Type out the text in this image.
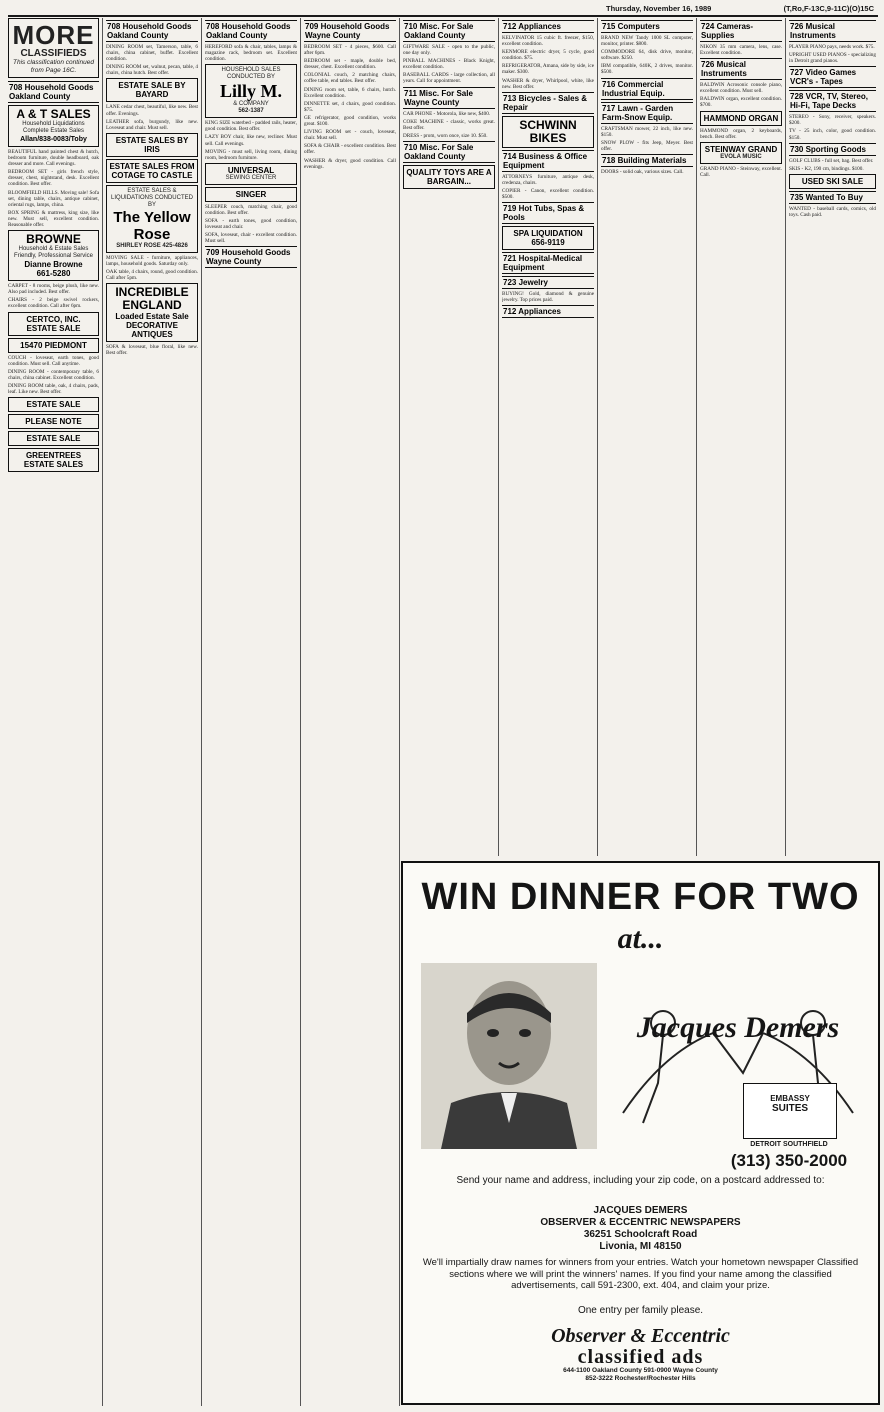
Thursday, November 16, 1989	(T,Ro,F-13C,9-11C)(O)15C
MORE
CLASSIFIEDS
This classification continued from Page 16C.
708 Household Goods Oakland County
A & T SALES
Household Liquidations Complete Estate Sales
Allan/838-0083/Toby
BEAUTIFUL hand painted chest & hutch, bedroom furniture, double headboard, oak dresser and more. Call evenings.
BEDROOM SET - girls french style, dresser, chest, nightstand, desk. Excellent condition. Best offer.
BLOOMFIELD HILLS. Moving sale! Sofa set, dining table, chairs, antique cabinet, oriental rugs, lamps, china.
BOX SPRING & mattress, king size, like new. Must sell, excellent condition. Reasonable offer.
BROWNE
Household & Estate Sales Friendly, Professional Service
Dianne Browne
661-5280
CARPET - 8 rooms, beige plush, like new. Also pad included. Best offer.
CHAIRS - 2 beige swivel rockers, excellent condition. Call after 6pm.
CERTCO, INC. ESTATE SALE
15470 PIEDMONT
COUCH - loveseat, earth tones, good condition. Must sell. Call anytime.
DINING ROOM - contemporary table, 6 chairs, china cabinet. Excellent condition.
DINING ROOM table, oak, 4 chairs, pads, leaf. Like new. Best offer.
ESTATE SALE
PLEASE NOTE
ESTATE SALE
GREENTREES ESTATE SALES
708 Household Goods Oakland County
DINING ROOM set, Tamerson, table, 6 chairs, china cabinet, buffet. Excellent condition.
DINING ROOM set, walnut, pecan, table, 4 chairs, china hutch. Best offer.
ESTATE SALE BY BAYARD
LANE cedar chest, beautiful, like new. Best offer. Evenings.
LEATHER sofa, burgundy, like new. Loveseat and chair. Must sell.
ESTATE SALES BY IRIS
ESTATE SALES FROM COTAGE TO CASTLE
ESTATE SALES & LIQUIDATIONS CONDUCTED BY
The Yellow Rose
SHIRLEY ROSE 425-4826
MOVING SALE - furniture, appliances, lamps, household goods. Saturday only.
OAK table, 4 chairs, round, good condition. Call after 5pm.
INCREDIBLE ENGLAND
Loaded Estate Sale
DECORATIVE ANTIQUES
SOFA & loveseat, blue floral, like new. Best offer.
708 Household Goods Oakland County
HEREFORD sofa & chair, tables, lamps & magazine rack, bedroom set. Excellent condition.
HOUSEHOLD SALES CONDUCTED BY
Lilly M.
& COMPANY
562-1387
KING SIZE waterbed - padded rails, heater, good condition. Best offer.
LAZY BOY chair, like new, recliner. Must sell. Call evenings.
MOVING - must sell, living room, dining room, bedroom furniture.
UNIVERSAL
SEWING CENTER
SINGER
SLEEPER couch, matching chair, good condition. Best offer.
SOFA - earth tones, good condition, loveseat and chair.
SOFA, loveseat, chair - excellent condition. Must sell.
709 Household Goods Wayne County
709 Household Goods Wayne County
BEDROOM SET - 4 pieces, $600. Call after 6pm.
BEDROOM set - maple, double bed, dresser, chest. Excellent condition.
COLONIAL couch, 2 matching chairs, coffee table, end tables. Best offer.
DINING room set, table, 6 chairs, hutch. Excellent condition.
DINNETTE set, 4 chairs, good condition. $75.
GE refrigerator, good condition, works great. $100.
LIVING ROOM set - couch, loveseat, chair. Must sell.
SOFA & CHAIR - excellent condition. Best offer.
WASHER & dryer, good condition. Call evenings.
710 Misc. For Sale Oakland County
GIFTWARE SALE - open to the public, one day only.
PINBALL MACHINES - Black Knight, excellent condition.
BASEBALL CARDS - large collection, all years. Call for appointment.
711 Misc. For Sale Wayne County
CAR PHONE - Motorola, like new, $400.
COKE MACHINE - classic, works great. Best offer.
DRESS - prom, worn once, size 10. $50.
710 Misc. For Sale Oakland County
QUALITY TOYS ARE A BARGAIN...
712 Appliances
KELVINATOR 15 cubic ft. freezer, $150, excellent condition.
KENMORE electric dryer, 5 cycle, good condition. $75.
REFRIGERATOR, Amana, side by side, ice maker. $300.
WASHER & dryer, Whirlpool, white, like new. Best offer.
713 Bicycles - Sales & Repair
SCHWINN BIKES
714 Business & Office Equipment
ATTORNEYS furniture, antique desk, credenza, chairs.
COPIER - Canon, excellent condition. $500.
719 Hot Tubs, Spas & Pools
SPA LIQUIDATION
656-9119
721 Hospital-Medical Equipment
723 Jewelry
BUYING! Gold, diamond & genuine jewelry. Top prices paid.
712 Appliances
715 Computers
BRAND NEW Tandy 1000 SL computer, monitor, printer. $800.
COMMODORE 64, disk drive, monitor, software. $250.
IBM compatible, 640K, 2 drives, monitor. $500.
716 Commercial Industrial Equip.
717 Lawn - Garden Farm-Snow Equip.
CRAFTSMAN mower, 22 inch, like new. $150.
SNOW PLOW - fits Jeep, Meyer. Best offer.
718 Building Materials
DOORS - solid oak, various sizes. Call.
724 Cameras-Supplies
NIKON 35 mm camera, lens, case. Excellent condition.
726 Musical Instruments
BALDWIN Acrosonic console piano, excellent condition. Must sell.
BALDWIN organ, excellent condition. $700.
HAMMOND ORGAN
HAMMOND organ, 2 keyboards, bench. Best offer.
STEINWAY GRAND
EVOLA MUSIC
GRAND PIANO - Steinway, excellent. Call.
726 Musical Instruments
PLAYER PIANO pays, needs work. $75.
UPRIGHT USED PIANOS - specializing in Detroit grand pianos.
727 Video Games VCR's - Tapes
728 VCR, TV, Stereo, Hi-Fi, Tape Decks
STEREO - Sony, receiver, speakers. $200.
TV - 25 inch, color, good condition. $150.
730 Sporting Goods
GOLF CLUBS - full set, bag. Best offer.
SKIS - K2, 190 cm, bindings. $100.
USED SKI SALE
735 Wanted To Buy
WANTED - baseball cards, comics, old toys. Cash paid.
WIN DINNER FOR TWO
at...
Jacques Demers
EMBASSY
SUITES
DETROIT SOUTHFIELD
(313) 350-2000
Send your name and address, including your zip code, on a postcard addressed to:
JACQUES DEMERS
OBSERVER & ECCENTRIC NEWSPAPERS
36251 Schoolcraft Road
Livonia, MI 48150
We'll impartially draw names for winners from your entries. Watch your hometown newspaper Classified sections where we will print the winners' names. If you find your name among the classified advertisements, call 591-2300, ext. 404, and claim your prize.
One entry per family please.
Observer & Eccentric
classified ads
644-1100 Oakland County 591-0900 Wayne County
852-3222 Rochester/Rochester Hills
